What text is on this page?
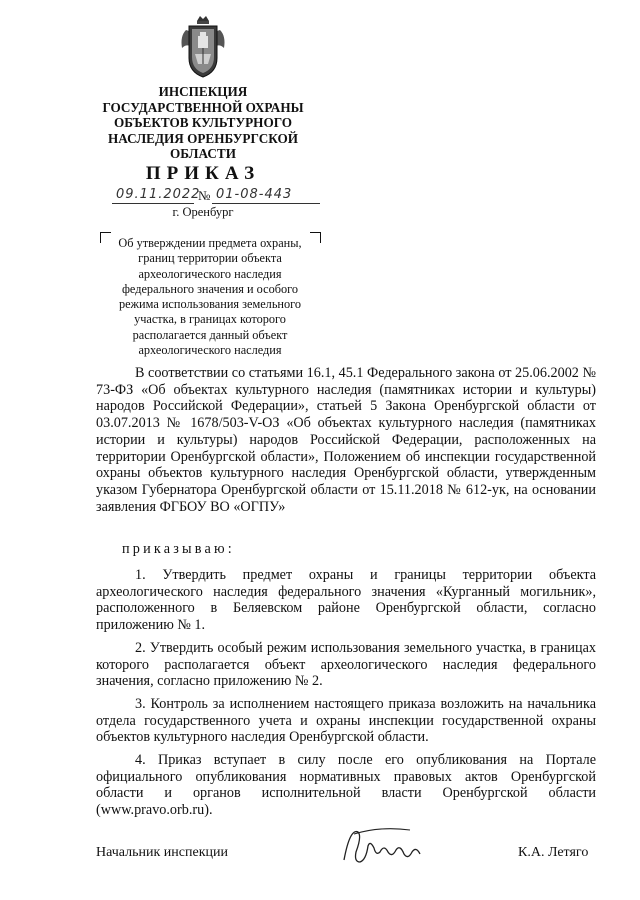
ИНСПЕКЦИЯ
ГОСУДАРСТВЕННОЙ ОХРАНЫ
ОБЪЕКТОВ КУЛЬТУРНОГО
НАСЛЕДИЯ ОРЕНБУРГСКОЙ
ОБЛАСТИ
ПРИКАЗ
09.11.2022
№ 01-08-443
г. Оренбург
Об утверждении предмета охраны,
границ территории объекта
археологического наследия
федерального значения и особого
режима использования земельного
участка, в границах которого
располагается данный объект
археологического наследия
В соответствии со статьями 16.1, 45.1 Федерального закона от 25.06.2002 № 73-ФЗ «Об объектах культурного наследия (памятниках истории и культуры) народов Российской Федерации», статьей 5 Закона Оренбургской области от 03.07.2013 № 1678/503-V-ОЗ «Об объектах культурного наследия (памятниках истории и культуры) народов Российской Федерации, расположенных на территории Оренбургской области», Положением об инспекции государственной охраны объектов культурного наследия Оренбургской области, утвержденным указом Губернатора Оренбургской области от 15.11.2018 № 612-ук, на основании заявления ФГБОУ ВО «ОГПУ»
приказываю:

1. Утвердить предмет охраны и границы территории объекта археологического наследия федерального значения «Курганный могильник», расположенного в Беляевском районе Оренбургской области, согласно приложению № 1.

2. Утвердить особый режим использования земельного участка, в границах которого располагается объект археологического наследия федерального значения, согласно приложению № 2.

3. Контроль за исполнением настоящего приказа возложить на начальника отдела государственного учета и охраны инспекции государственной охраны объектов культурного наследия Оренбургской области.

4. Приказ вступает в силу после его опубликования на Портале официального опубликования нормативных правовых актов Оренбургской области и органов исполнительной власти Оренбургской области (www.pravo.orb.ru).

Начальник инспекции	К.А. Летяго
